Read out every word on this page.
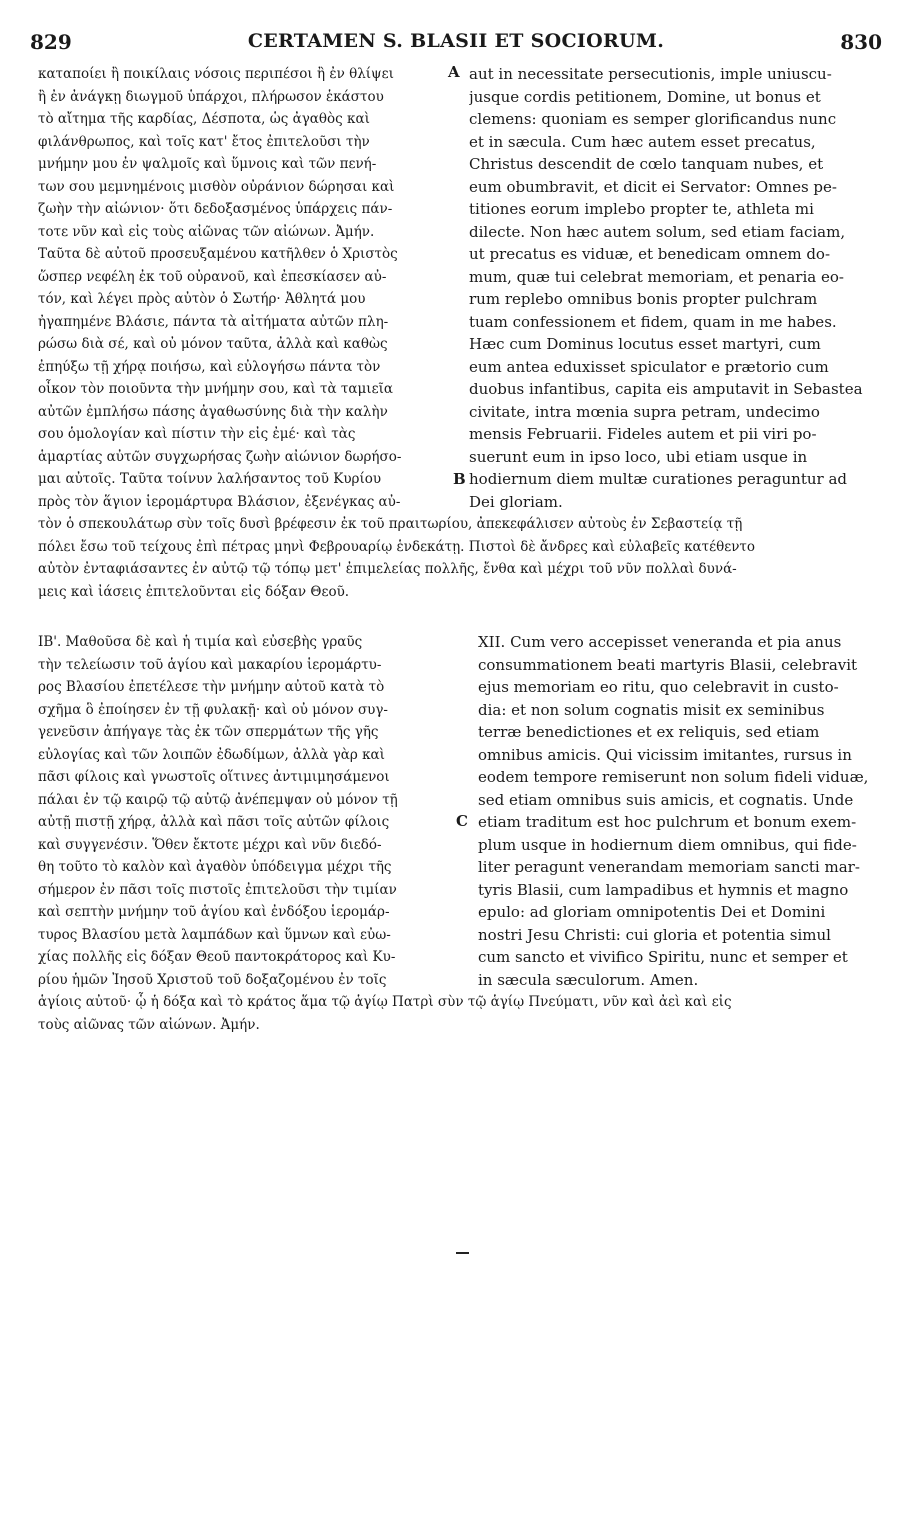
829	CERTAMEN S. BLASII ET SOCIORUM.	830
καταποίει ἢ ποικίλαις νόσοις περιπέσοι ἢ ἐν θλίψει
ἢ ἐν ἀνάγκῃ διωγμοῦ ὑπάρχοι, πλήρωσον ἑκάστου
τὸ αἴτημα τῆς καρδίας, Δέσποτα, ὡς ἀγαθὸς καὶ
φιλάνθρωπος, καὶ τοῖς κατ' ἔτος ἐπιτελοῦσι τὴν
μνήμην μου ἐν ψαλμοῖς καὶ ὕμνοις καὶ τῶν πενή-
των σου μεμνημένοις μισθὸν οὐράνιον δώρησαι καὶ
ζωὴν τὴν αἰώνιον· ὅτι δεδοξασμένος ὑπάρχεις πάν-
τοτε νῦν καὶ εἰς τοὺς αἰῶνας τῶν αἰώνων. Ἀμήν.
Ταῦτα δὲ αὐτοῦ προσευξαμένου κατῆλθεν ὁ Χριστὸς
ὥσπερ νεφέλη ἐκ τοῦ οὐρανοῦ, καὶ ἐπεσκίασεν αὐ-
τόν, καὶ λέγει πρὸς αὐτὸν ὁ Σωτήρ· Ἀθλητά μου
ἠγαπημένε Βλάσιε, πάντα τὰ αἰτήματα αὐτῶν πλη-
ρώσω διὰ σέ, καὶ οὐ μόνον ταῦτα, ἀλλὰ καὶ καθὼς
ἐπηύξω τῇ χήρᾳ ποιήσω, καὶ εὐλογήσω πάντα τὸν
οἶκον τὸν ποιοῦντα τὴν μνήμην σου, καὶ τὰ ταμιεῖα
αὐτῶν ἐμπλήσω πάσης ἀγαθωσύνης διὰ τὴν καλὴν
σου ὁμολογίαν καὶ πίστιν τὴν εἰς ἐμέ· καὶ τὰς
ἁμαρτίας αὐτῶν συγχωρήσας ζωὴν αἰώνιον δωρήσο-
μαι αὐτοῖς. Ταῦτα τοίνυν λαλήσαντος τοῦ Κυρίου
πρὸς τὸν ἅγιον ἱερομάρτυρα Βλάσιον, ἐξενέγκας αὐ-
aut in necessitate persecutionis, imple uniuscu-
jusque cordis petitionem, Domine, ut bonus et
clemens: quoniam es semper glorificandus nunc
et in sæcula. Cum hæc autem esset precatus,
Christus descendit de cœlo tanquam nubes, et
eum obumbravit, et dicit ei Servator: Omnes pe-
titiones eorum implebo propter te, athleta mi
dilecte. Non hæc autem solum, sed etiam faciam,
ut precatus es viduæ, et benedicam omnem do-
mum, quæ tui celebrat memoriam, et penaria eo-
rum replebo omnibus bonis propter pulchram
tuam confessionem et fidem, quam in me habes.
Hæc cum Dominus locutus esset martyri, cum
eum antea eduxisset spiculator e prætorio cum
duobus infantibus, capita eis amputavit in Sebastea
civitate, intra mœnia supra petram, undecimo
mensis Februarii. Fideles autem et pii viri po-
suerunt eum in ipso loco, ubi etiam usque in
hodiernum diem multæ curationes peraguntur ad
Dei gloriam.
τὸν ὁ σπεκουλάτωρ σὺν τοῖς δυσὶ βρέφεσιν ἐκ τοῦ πραιτωρίου, ἀπεκεφάλισεν αὐτοὺς ἐν Σεβαστείᾳ τῇ
πόλει ἔσω τοῦ τείχους ἐπὶ πέτρας μηνὶ Φεβρουαρίῳ ἑνδεκάτῃ. Πιστοὶ δὲ ἄνδρες καὶ εὐλαβεῖς κατέθεντο
αὐτὸν ἐνταφιάσαντες ἐν αὐτῷ τῷ τόπῳ μετ' ἐπιμελείας πολλῆς, ἔνθα καὶ μέχρι τοῦ νῦν πολλαὶ δυνά-
μεις καὶ ἰάσεις ἐπιτελοῦνται εἰς δόξαν Θεοῦ.
ΙΒ'. Μαθοῦσα δὲ καὶ ἡ τιμία καὶ εὐσεβὴς γραῦς
τὴν τελείωσιν τοῦ ἁγίου καὶ μακαρίου ἱερομάρτυ-
ρος Βλασίου ἐπετέλεσε τὴν μνήμην αὐτοῦ κατὰ τὸ
σχῆμα ὃ ἐποίησεν ἐν τῇ φυλακῇ· καὶ οὐ μόνον συγ-
γενεῦσιν ἀπήγαγε τὰς ἐκ τῶν σπερμάτων τῆς γῆς
εὐλογίας καὶ τῶν λοιπῶν ἐδωδίμων, ἀλλὰ γὰρ καὶ
πᾶσι φίλοις καὶ γνωστοῖς οἵτινες ἀντιμιμησάμενοι
πάλαι ἐν τῷ καιρῷ τῷ αὐτῷ ἀνέπεμψαν οὐ μόνον τῇ
αὐτῇ πιστῇ χήρᾳ, ἀλλὰ καὶ πᾶσι τοῖς αὐτῶν φίλοις
καὶ συγγενέσιν. Ὅθεν ἔκτοτε μέχρι καὶ νῦν διεδό-
θη τοῦτο τὸ καλὸν καὶ ἀγαθὸν ὑπόδειγμα μέχρι τῆς
σήμερον ἐν πᾶσι τοῖς πιστοῖς ἐπιτελοῦσι τὴν τιμίαν
καὶ σεπτὴν μνήμην τοῦ ἁγίου καὶ ἐνδόξου ἱερομάρ-
τυρος Βλασίου μετὰ λαμπάδων καὶ ὕμνων καὶ εὐω-
χίας πολλῆς εἰς δόξαν Θεοῦ παντοκράτορος καὶ Κυ-
ρίου ἡμῶν Ἰησοῦ Χριστοῦ τοῦ δοξαζομένου ἐν τοῖς
XII. Cum vero accepisset veneranda et pia anus
consummationem beati martyris Blasii, celebravit
ejus memoriam eo ritu, quo celebravit in custo-
dia: et non solum cognatis misit ex seminibus
terræ benedictiones et ex reliquis, sed etiam
omnibus amicis. Qui vicissim imitantes, rursus in
eodem tempore remiserunt non solum fideli viduæ,
sed etiam omnibus suis amicis, et cognatis. Unde
etiam traditum est hoc pulchrum et bonum exem-
plum usque in hodiernum diem omnibus, qui fide-
liter peragunt venerandam memoriam sancti mar-
tyris Blasii, cum lampadibus et hymnis et magno
epulo: ad gloriam omnipotentis Dei et Domini
nostri Jesu Christi: cui gloria et potentia simul
cum sancto et vivifico Spiritu, nunc et semper et
in sæcula sæculorum. Amen.
ἁγίοις αὐτοῦ· ᾧ ἡ δόξα καὶ τὸ κράτος ἅμα τῷ ἁγίῳ Πατρὶ σὺν τῷ ἁγίῳ Πνεύματι, νῦν καὶ ἀεὶ καὶ εἰς
τοὺς αἰῶνας τῶν αἰώνων. Ἀμήν.
A
B
C
